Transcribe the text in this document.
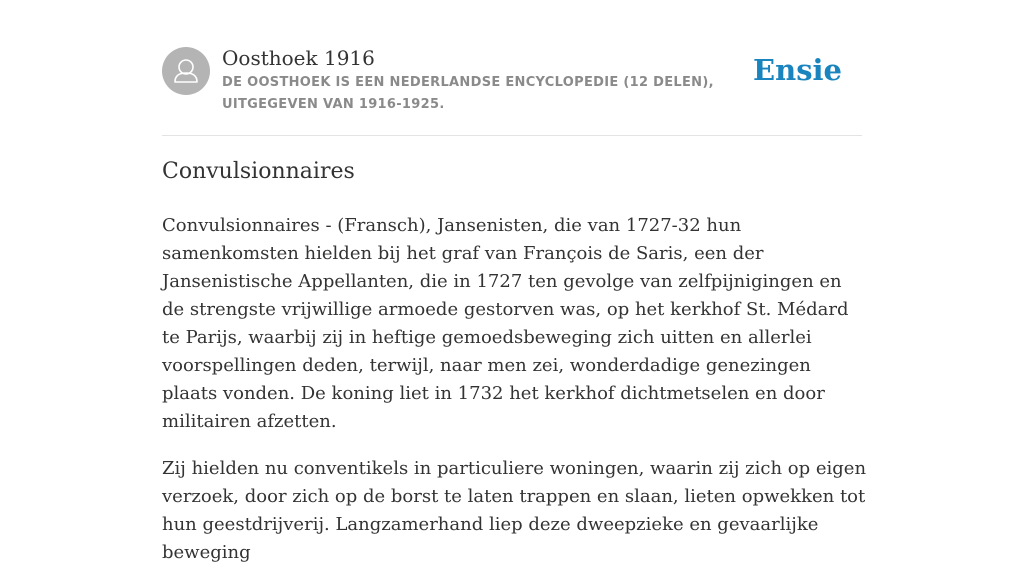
Oosthoek 1916
DE OOSTHOEK IS EEN NEDERLANDSE ENCYCLOPEDIE (12 DELEN), UITGEGEVEN VAN 1916-1925.
Ensie
Convulsionnaires

Convulsionnaires - (Fransch), Jansenisten, die van 1727-32 hun samenkomsten hielden bij het graf van François de Saris, een der Jansenistische Appellanten, die in 1727 ten gevolge van zelfpijnigingen en de strengste vrijwillige armoede gestorven was, op het kerkhof St. Médard te Parijs, waarbij zij in heftige gemoedsbeweging zich uitten en allerlei voorspellingen deden, terwijl, naar men zei, wonderdadige genezingen plaats vonden. De koning liet in 1732 het kerkhof dichtmetselen en door militairen afzetten.

Zij hielden nu conventikels in particuliere woningen, waarin zij zich op eigen verzoek, door zich op de borst te laten trappen en slaan, lieten opwekken tot hun geestdrijverij. Langzamerhand liep deze dweepzieke en gevaarlijke beweging
